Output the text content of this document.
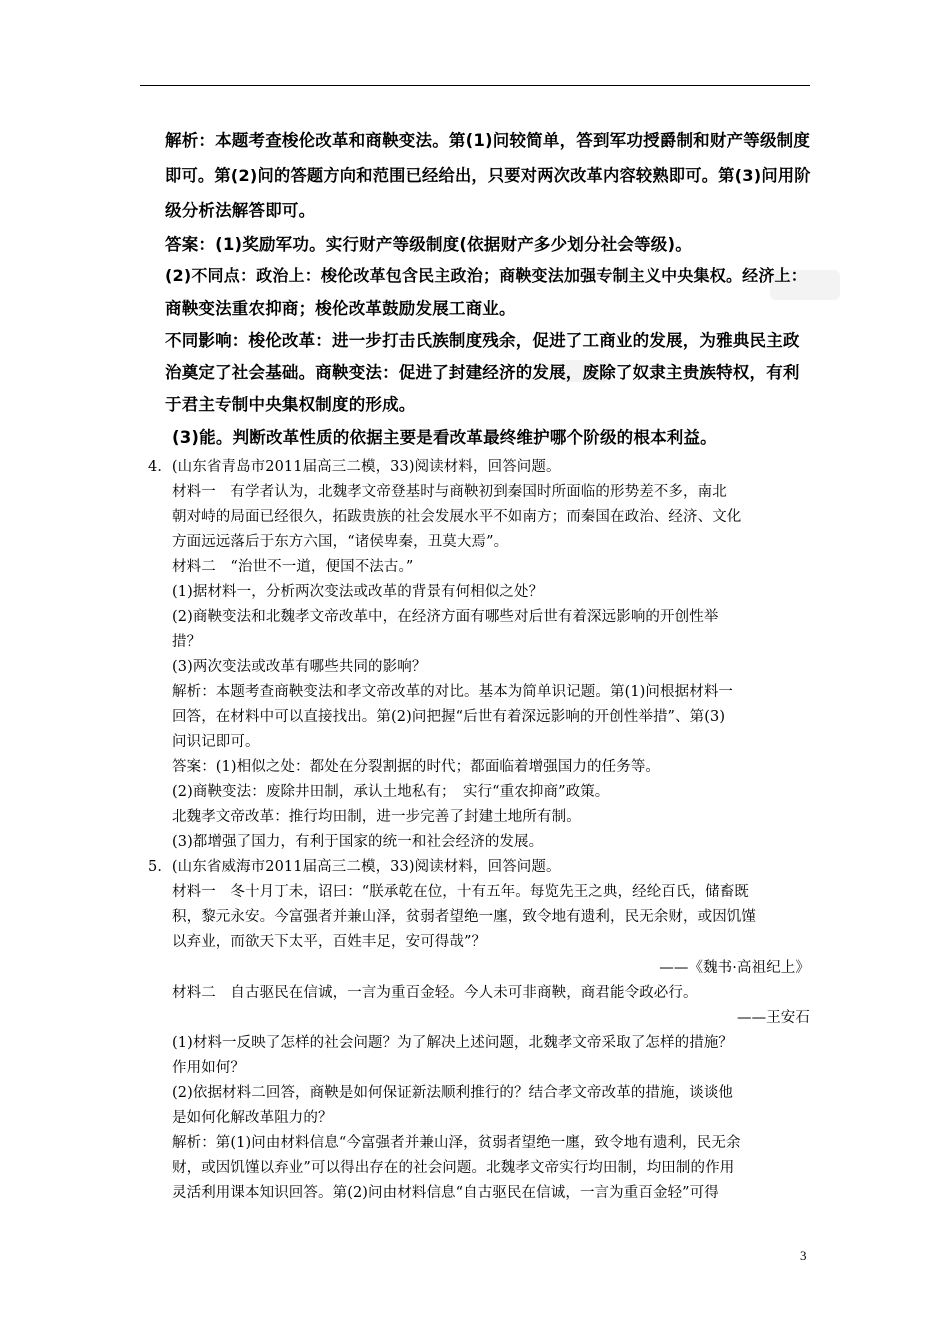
解析：本题考查梭伦改革和商鞅变法。第(1)问较简单，答到军功授爵制和财产等级制度
即可。第(2)问的答题方向和范围已经给出，只要对两次改革内容较熟即可。第(3)问用阶
级分析法解答即可。
答案：(1)奖励军功。实行财产等级制度(依据财产多少划分社会等级)。
(2)不同点：政治上：梭伦改革包含民主政治；商鞅变法加强专制主义中央集权。经济上：
商鞅变法重农抑商；梭伦改革鼓励发展工商业。
不同影响：梭伦改革：进一步打击氏族制度残余，促进了工商业的发展，为雅典民主政
治奠定了社会基础。商鞅变法：促进了封建经济的发展，废除了奴隶主贵族特权，有利
于君主专制中央集权制度的形成。
(3)能。判断改革性质的依据主要是看改革最终维护哪个阶级的根本利益。
4．(山东省青岛市2011届高三二模，33)阅读材料，回答问题。
材料一　有学者认为，北魏孝文帝登基时与商鞅初到秦国时所面临的形势差不多，南北
朝对峙的局面已经很久，拓跋贵族的社会发展水平不如南方；而秦国在政治、经济、文化
方面远远落后于东方六国，“诸侯卑秦，丑莫大焉”。
材料二　“治世不一道，便国不法古。”
(1)据材料一，分析两次变法或改革的背景有何相似之处？
(2)商鞅变法和北魏孝文帝改革中，在经济方面有哪些对后世有着深远影响的开创性举
措？
(3)两次变法或改革有哪些共同的影响？
解析：本题考查商鞅变法和孝文帝改革的对比。基本为简单识记题。第(1)问根据材料一
回答，在材料中可以直接找出。第(2)问把握“后世有着深远影响的开创性举措”、第(3)
问识记即可。
答案：(1)相似之处：都处在分裂割据的时代；都面临着增强国力的任务等。
(2)商鞅变法：废除井田制，承认土地私有；　实行“重农抑商”政策。
北魏孝文帝改革：推行均田制，进一步完善了封建土地所有制。
(3)都增强了国力，有利于国家的统一和社会经济的发展。
5．(山东省威海市2011届高三二模，33)阅读材料，回答问题。
材料一　冬十月丁未，诏曰：“朕承乾在位，十有五年。每览先王之典，经纶百氏，储畜既
积，黎元永安。今富强者并兼山泽，贫弱者望绝一廛，致令地有遗利，民无余财，或因饥馑
以弃业，而欲天下太平，百姓丰足，安可得哉”？
——《魏书·高祖纪上》
材料二　自古驱民在信诚，一言为重百金轻。今人未可非商鞅，商君能令政必行。
——王安石
(1)材料一反映了怎样的社会问题？为了解决上述问题，北魏孝文帝采取了怎样的措施？
作用如何？
(2)依据材料二回答，商鞅是如何保证新法顺利推行的？结合孝文帝改革的措施，谈谈他
是如何化解改革阻力的？
解析：第(1)问由材料信息“今富强者并兼山泽，贫弱者望绝一廛，致令地有遗利，民无余
财，或因饥馑以弃业”可以得出存在的社会问题。北魏孝文帝实行均田制，均田制的作用
灵活利用课本知识回答。第(2)问由材料信息“自古驱民在信诚，一言为重百金轻”可得
3
